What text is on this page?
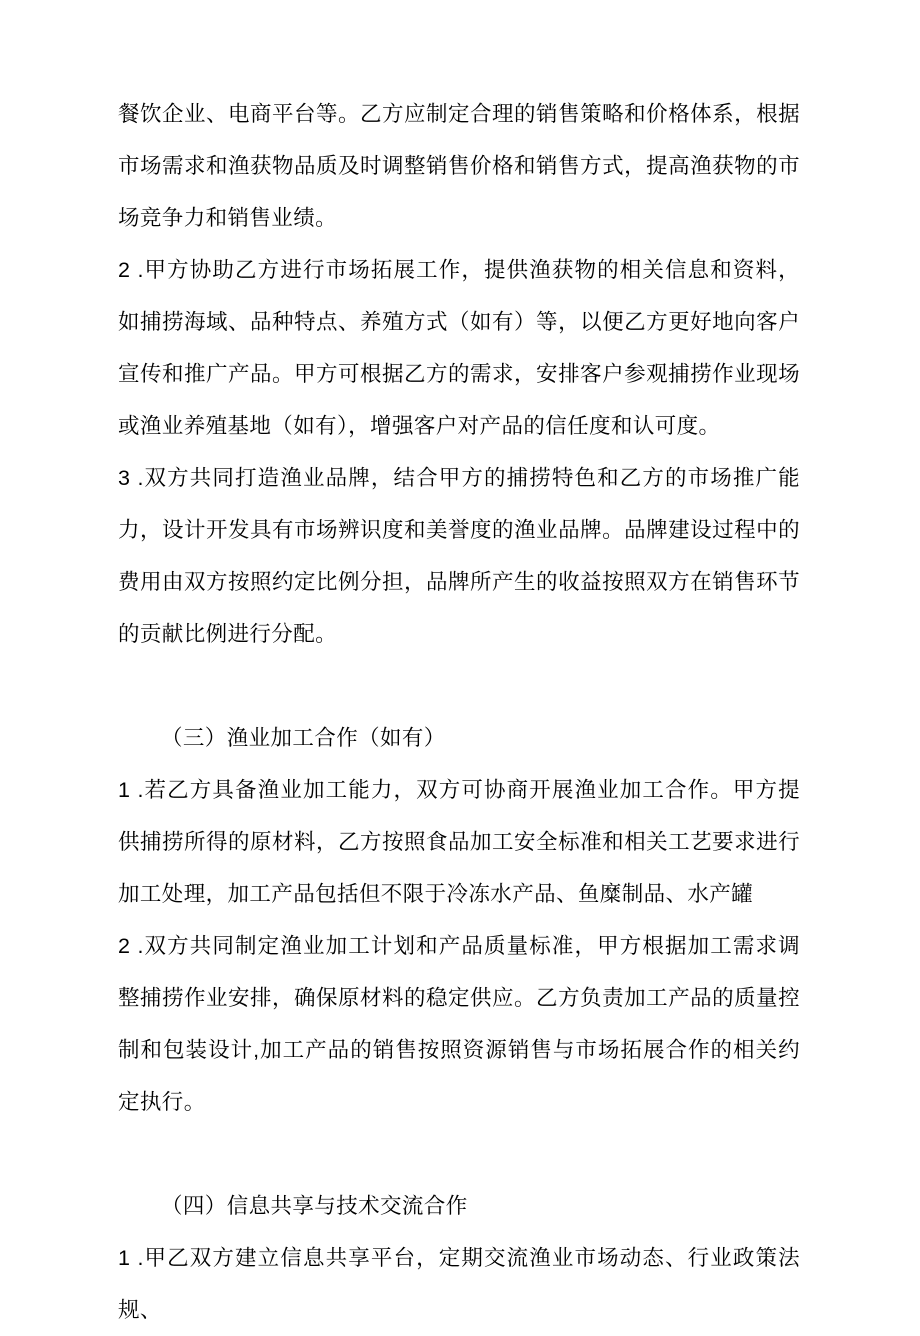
餐饮企业、电商平台等。乙方应制定合理的销售策略和价格体系，根据市场需求和渔获物品质及时调整销售价格和销售方式，提高渔获物的市场竞争力和销售业绩。

2 .甲方协助乙方进行市场拓展工作，提供渔获物的相关信息和资料，如捕捞海域、品种特点、养殖方式（如有）等，以便乙方更好地向客户宣传和推广产品。甲方可根据乙方的需求，安排客户参观捕捞作业现场或渔业养殖基地（如有），增强客户对产品的信任度和认可度。

3 .双方共同打造渔业品牌，结合甲方的捕捞特色和乙方的市场推广能力，设计开发具有市场辨识度和美誉度的渔业品牌。品牌建设过程中的费用由双方按照约定比例分担，品牌所产生的收益按照双方在销售环节的贡献比例进行分配。

（三）渔业加工合作（如有）

1 .若乙方具备渔业加工能力，双方可协商开展渔业加工合作。甲方提供捕捞所得的原材料，乙方按照食品加工安全标准和相关工艺要求进行加工处理，加工产品包括但不限于冷冻水产品、鱼糜制品、水产罐

2 .双方共同制定渔业加工计划和产品质量标准，甲方根据加工需求调整捕捞作业安排，确保原材料的稳定供应。乙方负责加工产品的质量控制和包装设计,加工产品的销售按照资源销售与市场拓展合作的相关约定执行。

（四）信息共享与技术交流合作

1 .甲乙双方建立信息共享平台，定期交流渔业市场动态、行业政策法规、
